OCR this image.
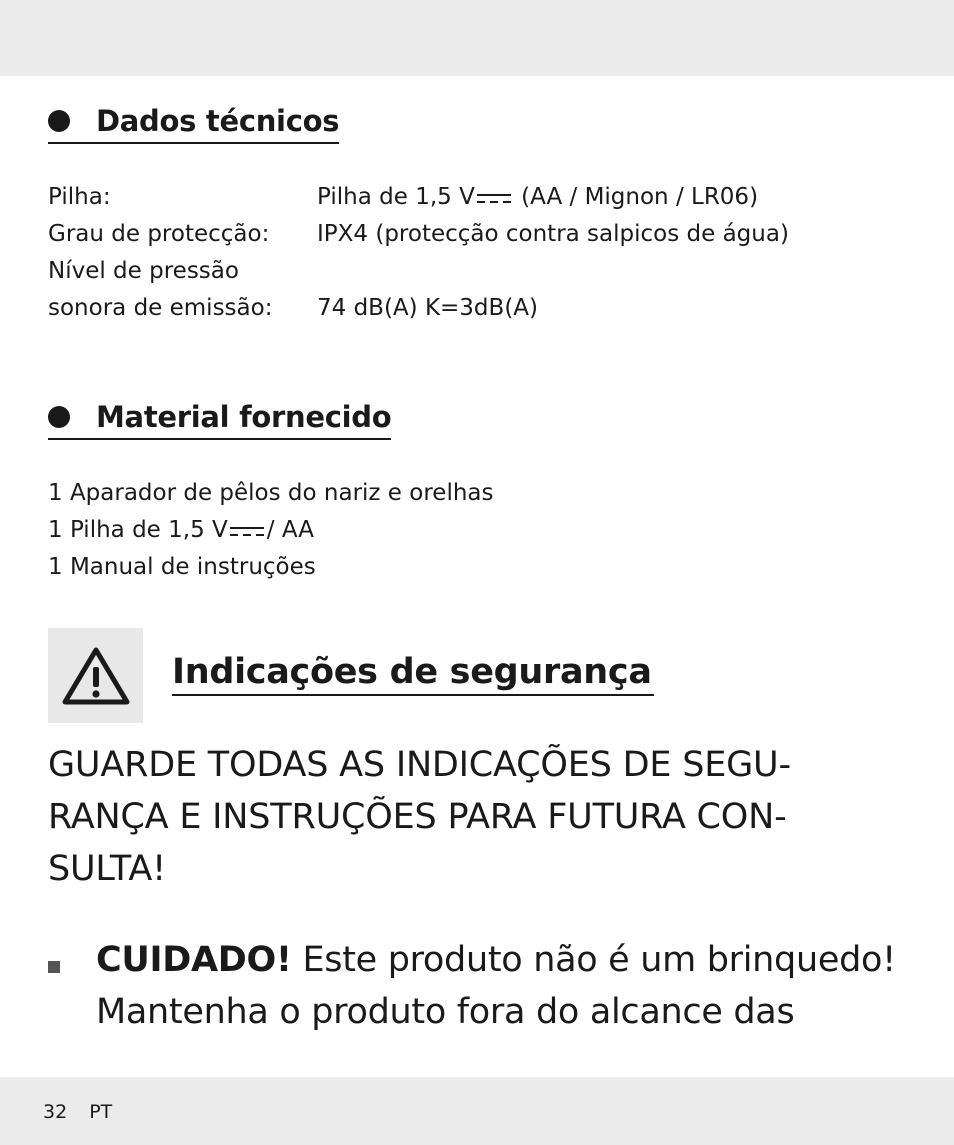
Dados técnicos
Pilha:	Pilha de 1,5 V (AA / Mignon / LR06)
Grau de protecção: IPX4 (protecção contra salpicos de água)
Nível de pressão
sonora de emissão: 74 dB(A) K=3dB(A)
Material fornecido
1 Aparador de pêlos do nariz e orelhas
1 Pilha de 1,5 V / AA
1 Manual de instruções
Indicações de segurança
GUARDE TODAS AS INDICAÇÕES DE SEGU-
RANÇA E INSTRUÇÕES PARA FUTURA CON-
SULTA!
CUIDADO! Este produto não é um brinquedo!
Mantenha o produto fora do alcance das
32 PT
